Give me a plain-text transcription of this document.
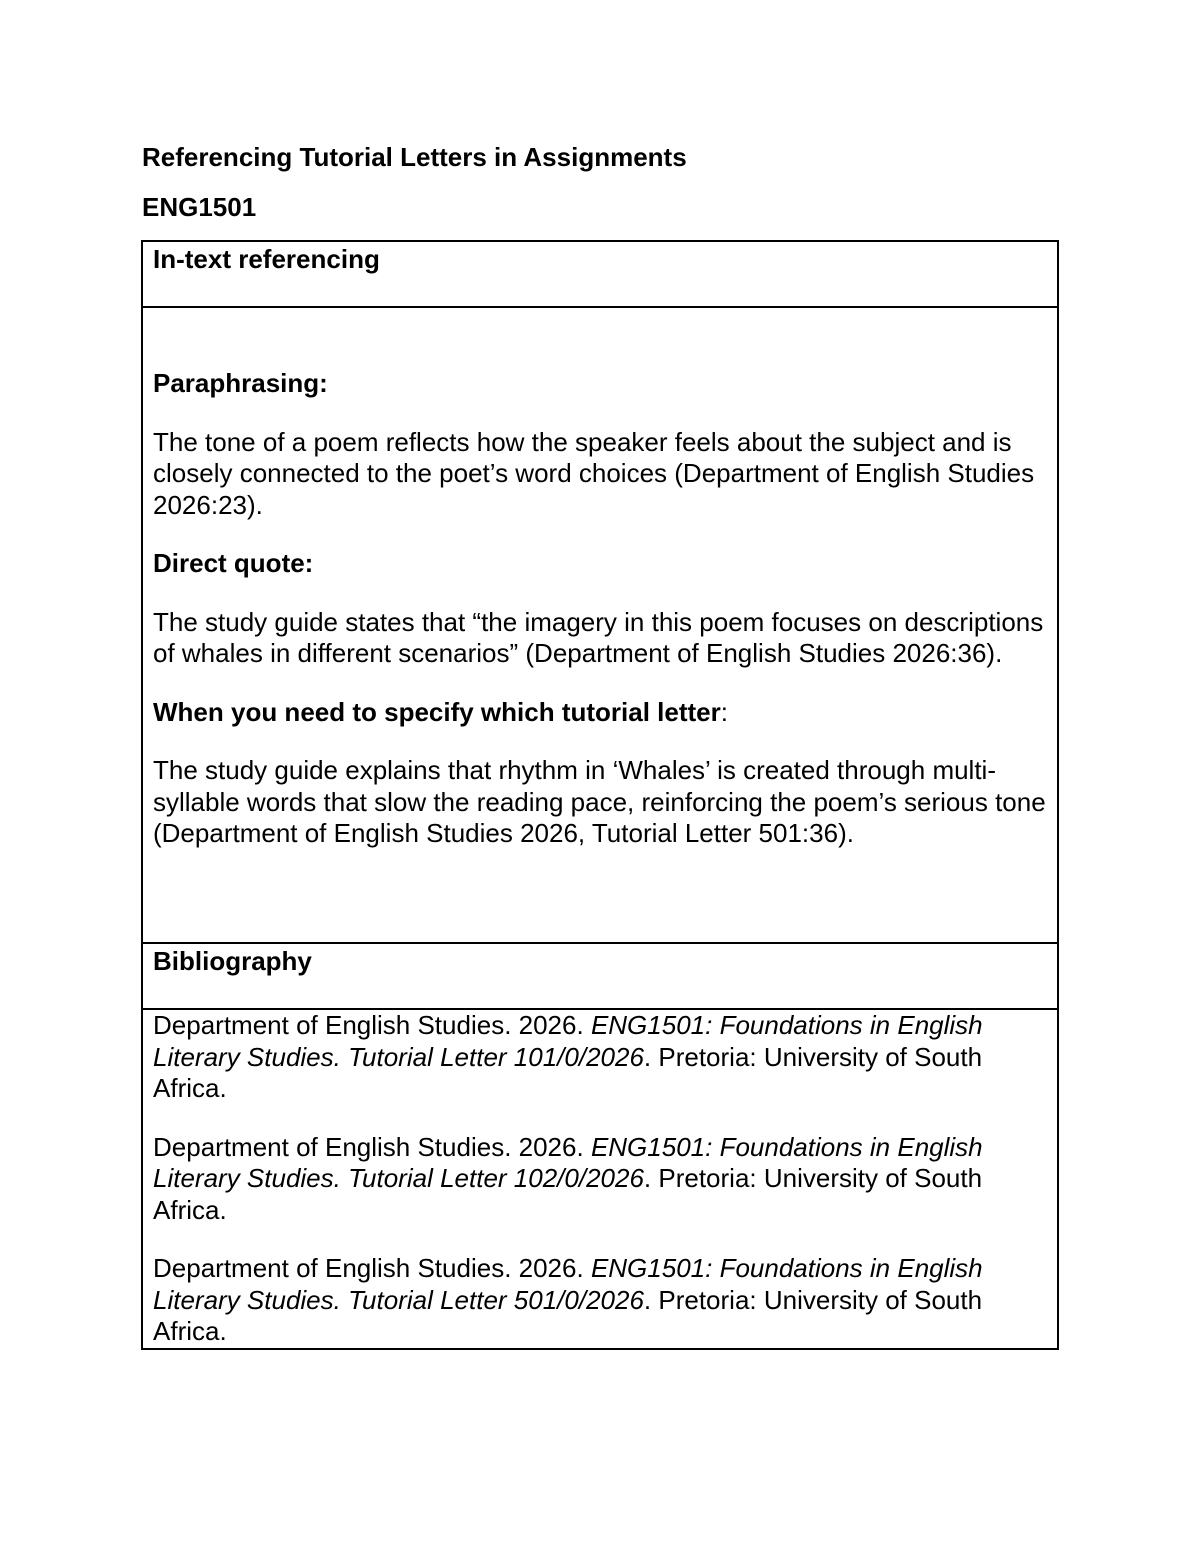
Referencing Tutorial Letters in Assignments
ENG1501
In-text referencing

Paraphrasing:

The tone of a poem reflects how the speaker feels about the subject and is closely connected to the poet’s word choices (Department of English Studies 2026:23).

Direct quote:

The study guide states that “the imagery in this poem focuses on descriptions of whales in different scenarios” (Department of English Studies 2026:36).

When you need to specify which tutorial letter:

The study guide explains that rhythm in ‘Whales’ is created through multi-syllable words that slow the reading pace, reinforcing the poem’s serious tone (Department of English Studies 2026, Tutorial Letter 501:36).

Bibliography

Department of English Studies. 2026. ENG1501: Foundations in English Literary Studies. Tutorial Letter 101/0/2026. Pretoria: University of South Africa.

Department of English Studies. 2026. ENG1501: Foundations in English Literary Studies. Tutorial Letter 102/0/2026. Pretoria: University of South Africa.

Department of English Studies. 2026. ENG1501: Foundations in English Literary Studies. Tutorial Letter 501/0/2026. Pretoria: University of South Africa.
